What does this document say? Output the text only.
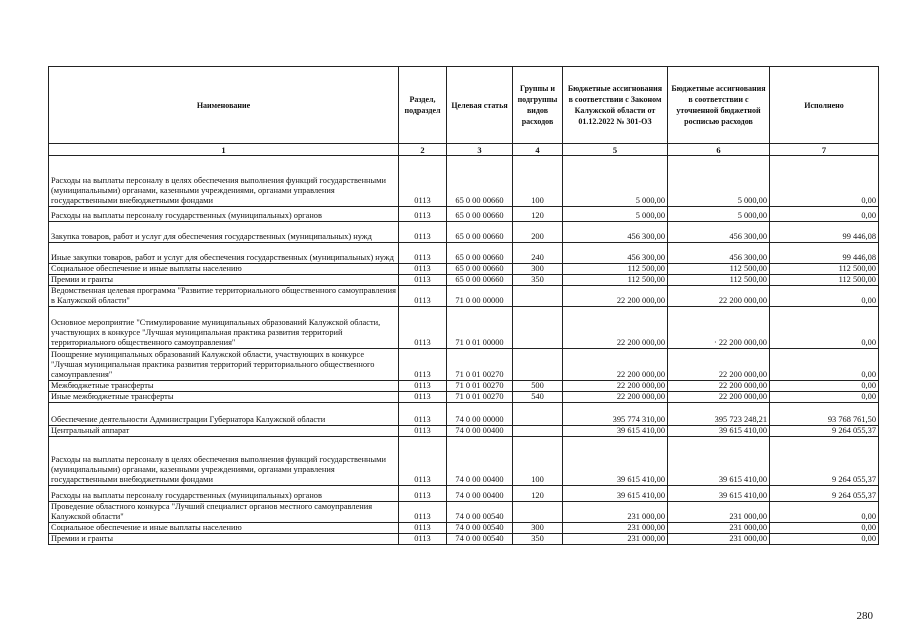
Наименование	Раздел, подраздел	Целевая статья	Группы и подгруппы видов расходов	Бюджетные ассигнования в соответствии с Законом Калужской области от 01.12.2022 № 301-ОЗ	Бюджетные ассигнования в соответствии с уточненной бюджетной росписью расходов	Исполнено
1	2	3	4	5	6	7
Расходы на выплаты персоналу в целях обеспечения выполнения функций государственными (муниципальными) органами, казенными учреждениями, органами управления государственными внебюджетными фондами	0113	65 0 00 00660	100	5 000,00	5 000,00	0,00
Расходы на выплаты персоналу государственных (муниципальных) органов	0113	65 0 00 00660	120	5 000,00	5 000,00	0,00
Закупка товаров, работ и услуг для обеспечения государственных (муниципальных) нужд	0113	65 0 00 00660	200	456 300,00	456 300,00	99 446,08
Иные закупки товаров, работ и услуг для обеспечения государственных (муниципальных) нужд	0113	65 0 00 00660	240	456 300,00	456 300,00	99 446,08
Социальное обеспечение и иные выплаты населению	0113	65 0 00 00660	300	112 500,00	112 500,00	112 500,00
Премии и гранты	0113	65 0 00 00660	350	112 500,00	112 500,00	112 500,00
Ведомственная целевая программа "Развитие территориального общественного самоуправления в Калужской области"	0113	71 0 00 00000		22 200 000,00	22 200 000,00	0,00
Основное мероприятие "Стимулирование муниципальных образований Калужской области, участвующих в конкурсе "Лучшая муниципальная практика развития территорий территориального общественного самоуправления"	0113	71 0 01 00000		22 200 000,00	· 22 200 000,00	0,00
Поощрение муниципальных образований Калужской области, участвующих в конкурсе "Лучшая муниципальная практика развития территорий территориального общественного самоуправления"	0113	71 0 01 00270		22 200 000,00	22 200 000,00	0,00
Межбюджетные трансферты	0113	71 0 01 00270	500	22 200 000,00	22 200 000,00	0,00
Иные межбюджетные трансферты	0113	71 0 01 00270	540	22 200 000,00	22 200 000,00	0,00
Обеспечение деятельности Администрации Губернатора Калужской области	0113	74 0 00 00000		395 774 310,00	395 723 248,21	93 768 761,50
Центральный аппарат	0113	74 0 00 00400		39 615 410,00	39 615 410,00	9 264 055,37
Расходы на выплаты персоналу в целях обеспечения выполнения функций государственными (муниципальными) органами, казенными учреждениями, органами управления государственными внебюджетными фондами	0113	74 0 00 00400	100	39 615 410,00	39 615 410,00	9 264 055,37
Расходы на выплаты персоналу государственных (муниципальных) органов	0113	74 0 00 00400	120	39 615 410,00	39 615 410,00	9 264 055,37
Проведение областного конкурса "Лучший специалист органов местного самоуправления Калужской области"	0113	74 0 00 00540		231 000,00	231 000,00	0,00
Социальное обеспечение и иные выплаты населению	0113	74 0 00 00540	300	231 000,00	231 000,00	0,00
Премии и гранты	0113	74 0 00 00540	350	231 000,00	231 000,00	0,00
280
